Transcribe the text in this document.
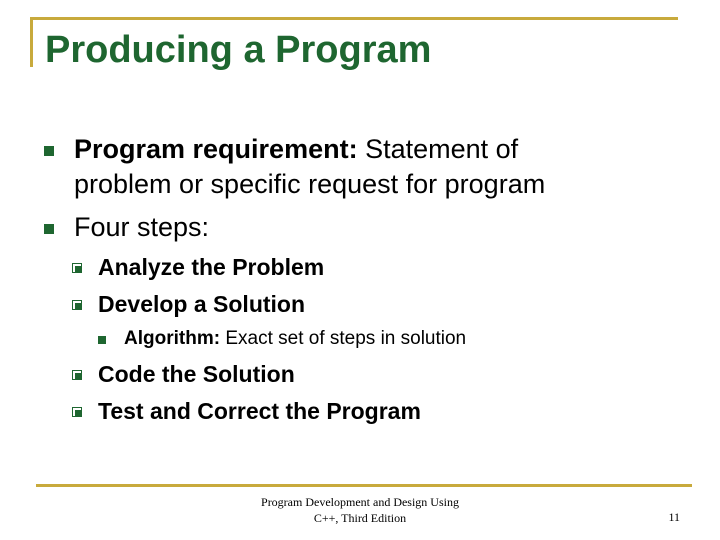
Producing a Program
Program requirement: Statement of
problem or specific request for program
Four steps:
Analyze the Problem
Develop a Solution
Algorithm: Exact set of steps in solution
Code the Solution
Test and Correct the Program
Program Development and Design Using
C++, Third Edition	11
